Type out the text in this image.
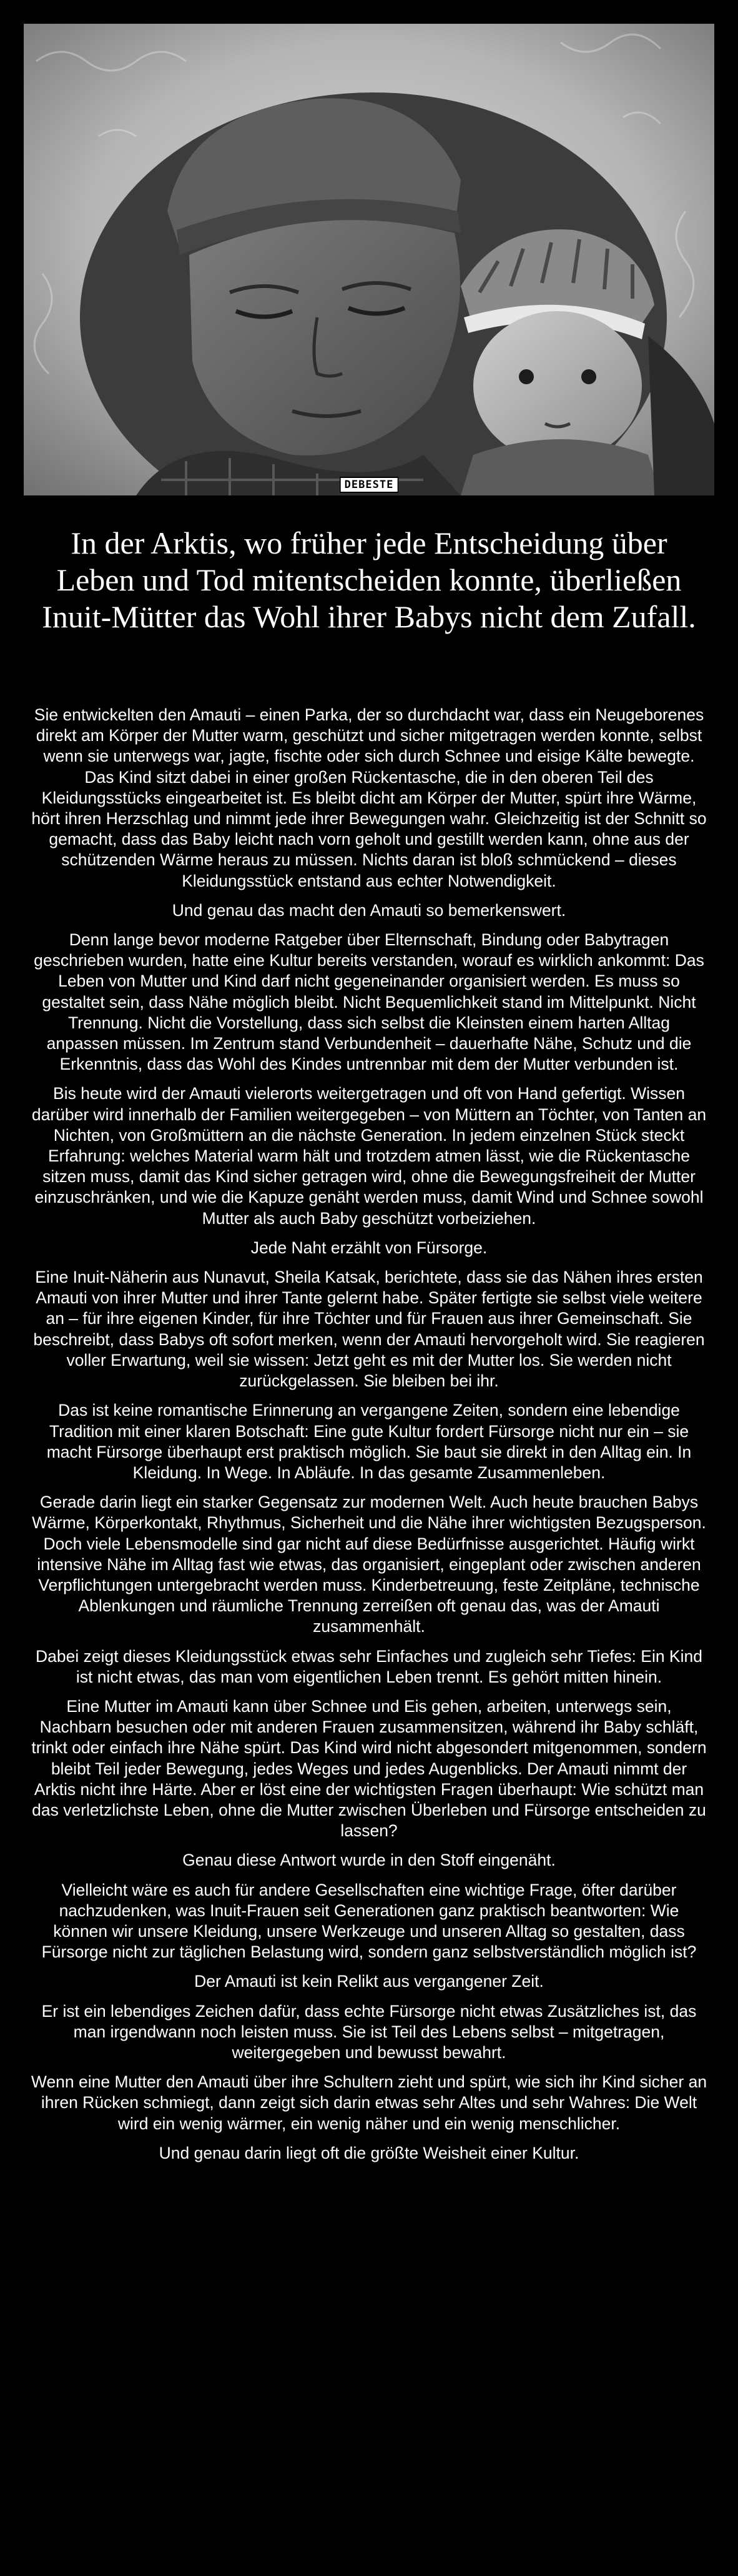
DEBESTE
In der Arktis, wo früher jede Entscheidung über Leben und Tod mitentscheiden konnte, überließen Inuit-Mütter das Wohl ihrer Babys nicht dem Zufall.

Sie entwickelten den Amauti – einen Parka, der so durchdacht war, dass ein Neugeborenes direkt am Körper der Mutter warm, geschützt und sicher mitgetragen werden konnte, selbst wenn sie unterwegs war, jagte, fischte oder sich durch Schnee und eisige Kälte bewegte. Das Kind sitzt dabei in einer großen Rückentasche, die in den oberen Teil des Kleidungsstücks eingearbeitet ist. Es bleibt dicht am Körper der Mutter, spürt ihre Wärme, hört ihren Herzschlag und nimmt jede ihrer Bewegungen wahr. Gleichzeitig ist der Schnitt so gemacht, dass das Baby leicht nach vorn geholt und gestillt werden kann, ohne aus der schützenden Wärme heraus zu müssen. Nichts daran ist bloß schmückend – dieses Kleidungsstück entstand aus echter Notwendigkeit.

Und genau das macht den Amauti so bemerkenswert.

Denn lange bevor moderne Ratgeber über Elternschaft, Bindung oder Babytragen geschrieben wurden, hatte eine Kultur bereits verstanden, worauf es wirklich ankommt: Das Leben von Mutter und Kind darf nicht gegeneinander organisiert werden. Es muss so gestaltet sein, dass Nähe möglich bleibt. Nicht Bequemlichkeit stand im Mittelpunkt. Nicht Trennung. Nicht die Vorstellung, dass sich selbst die Kleinsten einem harten Alltag anpassen müssen. Im Zentrum stand Verbundenheit – dauerhafte Nähe, Schutz und die Erkenntnis, dass das Wohl des Kindes untrennbar mit dem der Mutter verbunden ist.

Bis heute wird der Amauti vielerorts weitergetragen und oft von Hand gefertigt. Wissen darüber wird innerhalb der Familien weitergegeben – von Müttern an Töchter, von Tanten an Nichten, von Großmüttern an die nächste Generation. In jedem einzelnen Stück steckt Erfahrung: welches Material warm hält und trotzdem atmen lässt, wie die Rückentasche sitzen muss, damit das Kind sicher getragen wird, ohne die Bewegungsfreiheit der Mutter einzuschränken, und wie die Kapuze genäht werden muss, damit Wind und Schnee sowohl Mutter als auch Baby geschützt vorbeiziehen.

Jede Naht erzählt von Fürsorge.

Eine Inuit-Näherin aus Nunavut, Sheila Katsak, berichtete, dass sie das Nähen ihres ersten Amauti von ihrer Mutter und ihrer Tante gelernt habe. Später fertigte sie selbst viele weitere an – für ihre eigenen Kinder, für ihre Töchter und für Frauen aus ihrer Gemeinschaft. Sie beschreibt, dass Babys oft sofort merken, wenn der Amauti hervorgeholt wird. Sie reagieren voller Erwartung, weil sie wissen: Jetzt geht es mit der Mutter los. Sie werden nicht zurückgelassen. Sie bleiben bei ihr.

Das ist keine romantische Erinnerung an vergangene Zeiten, sondern eine lebendige Tradition mit einer klaren Botschaft: Eine gute Kultur fordert Fürsorge nicht nur ein – sie macht Fürsorge überhaupt erst praktisch möglich. Sie baut sie direkt in den Alltag ein. In Kleidung. In Wege. In Abläufe. In das gesamte Zusammenleben.

Gerade darin liegt ein starker Gegensatz zur modernen Welt. Auch heute brauchen Babys Wärme, Körperkontakt, Rhythmus, Sicherheit und die Nähe ihrer wichtigsten Bezugsperson. Doch viele Lebensmodelle sind gar nicht auf diese Bedürfnisse ausgerichtet. Häufig wirkt intensive Nähe im Alltag fast wie etwas, das organisiert, eingeplant oder zwischen anderen Verpflichtungen untergebracht werden muss. Kinderbetreuung, feste Zeitpläne, technische Ablenkungen und räumliche Trennung zerreißen oft genau das, was der Amauti zusammenhält.

Dabei zeigt dieses Kleidungsstück etwas sehr Einfaches und zugleich sehr Tiefes: Ein Kind ist nicht etwas, das man vom eigentlichen Leben trennt. Es gehört mitten hinein.

Eine Mutter im Amauti kann über Schnee und Eis gehen, arbeiten, unterwegs sein, Nachbarn besuchen oder mit anderen Frauen zusammensitzen, während ihr Baby schläft, trinkt oder einfach ihre Nähe spürt. Das Kind wird nicht abgesondert mitgenommen, sondern bleibt Teil jeder Bewegung, jedes Weges und jedes Augenblicks. Der Amauti nimmt der Arktis nicht ihre Härte. Aber er löst eine der wichtigsten Fragen überhaupt: Wie schützt man das verletzlichste Leben, ohne die Mutter zwischen Überleben und Fürsorge entscheiden zu lassen?

Genau diese Antwort wurde in den Stoff eingenäht.

Vielleicht wäre es auch für andere Gesellschaften eine wichtige Frage, öfter darüber nachzudenken, was Inuit-Frauen seit Generationen ganz praktisch beantworten: Wie können wir unsere Kleidung, unsere Werkzeuge und unseren Alltag so gestalten, dass Fürsorge nicht zur täglichen Belastung wird, sondern ganz selbstverständlich möglich ist?

Der Amauti ist kein Relikt aus vergangener Zeit.

Er ist ein lebendiges Zeichen dafür, dass echte Fürsorge nicht etwas Zusätzliches ist, das man irgendwann noch leisten muss. Sie ist Teil des Lebens selbst – mitgetragen, weitergegeben und bewusst bewahrt.

Wenn eine Mutter den Amauti über ihre Schultern zieht und spürt, wie sich ihr Kind sicher an ihren Rücken schmiegt, dann zeigt sich darin etwas sehr Altes und sehr Wahres: Die Welt wird ein wenig wärmer, ein wenig näher und ein wenig menschlicher.

Und genau darin liegt oft die größte Weisheit einer Kultur.
